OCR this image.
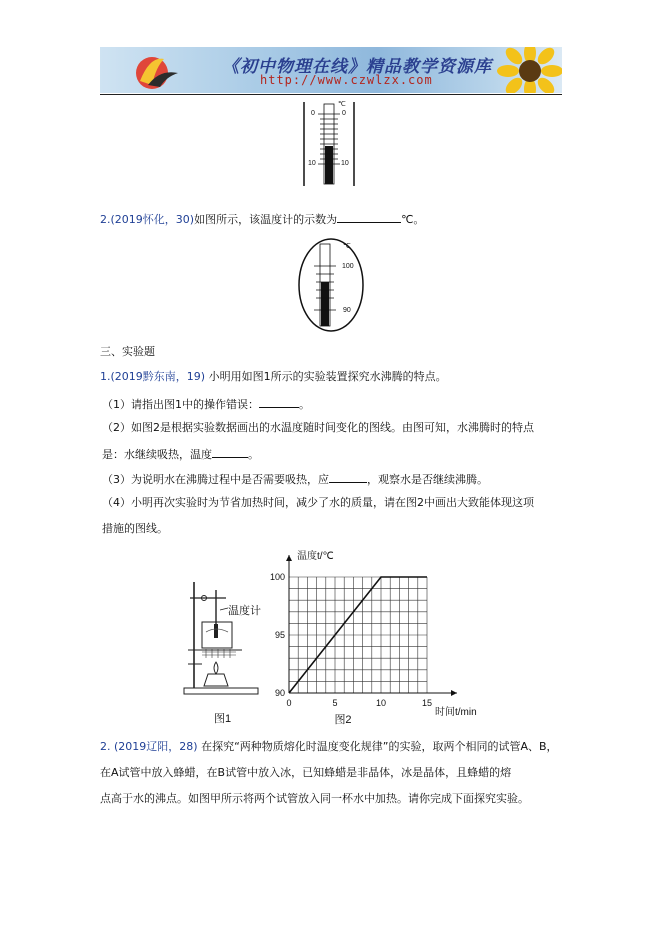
《初中物理在线》精品教学资源库
http://www.czwlzx.com
℃
0
10
0
10
2.(2019怀化，30)如图所示，该温度计的示数为	℃。
℃
100
90
三、实验题
1.(2019黔东南，19) 小明用如图1所示的实验装置探究水沸腾的特点。
（1）请指出图1中的操作错误：	。
（2）如图2是根据实验数据画出的水温度随时间变化的图线。由图可知，水沸腾时的特点
是：水继续吸热，温度	。
（3）为说明水在沸腾过程中是否需要吸热，应	，观察水是否继续沸腾。
（4）小明再次实验时为节省加热时间，减少了水的质量，请在图2中画出大致能体现这项
措施的图线。
温度计
图1
0	5	10	15
90
95
100
温度t/℃
时间t/min
图2
2. (2019辽阳，28) 在探究“两种物质熔化时温度变化规律”的实验，取两个相同的试管A、B，
在A试管中放入蜂蜡，在B试管中放入冰，已知蜂蜡是非晶体，冰是晶体，且蜂蜡的熔
点高于水的沸点。如图甲所示将两个试管放入同一杯水中加热。请你完成下面探究实验。
